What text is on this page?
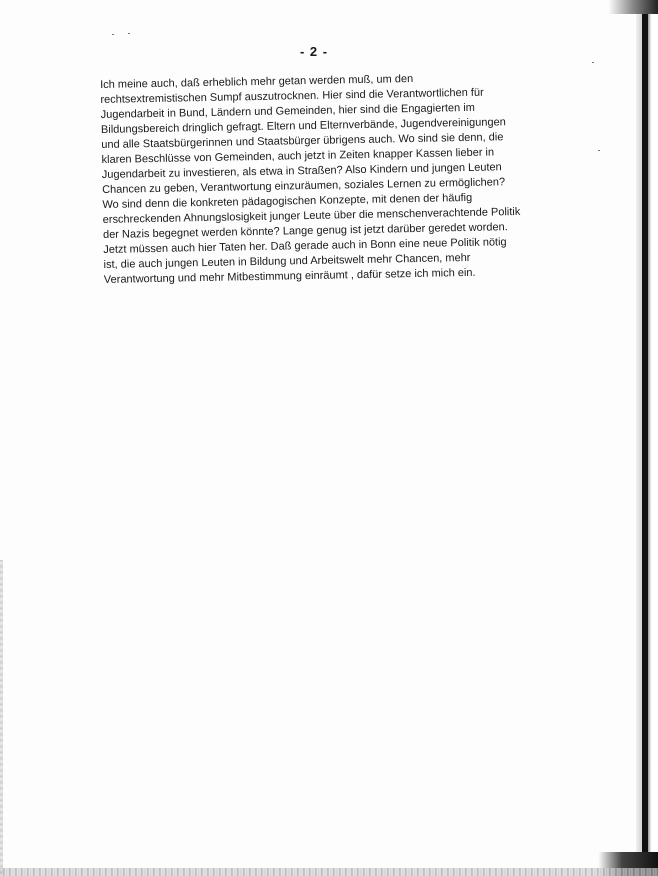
- 2 -
Ich meine auch, daß erheblich mehr getan werden muß, um den
rechtsextremistischen Sumpf auszutrocknen. Hier sind die Verantwortlichen für
Jugendarbeit in Bund, Ländern und Gemeinden, hier sind die Engagierten im
Bildungsbereich dringlich gefragt. Eltern und Elternverbände, Jugendvereinigungen
und alle Staatsbürgerinnen und Staatsbürger übrigens auch. Wo sind sie denn, die
klaren Beschlüsse von Gemeinden, auch jetzt in Zeiten knapper Kassen lieber in
Jugendarbeit zu investieren, als etwa in Straßen? Also Kindern und jungen Leuten
Chancen zu geben, Verantwortung einzuräumen, soziales Lernen zu ermöglichen?
Wo sind denn die konkreten pädagogischen Konzepte, mit denen der häufig
erschreckenden Ahnungslosigkeit junger Leute über die menschenverachtende Politik
der Nazis begegnet werden könnte? Lange genug ist jetzt darüber geredet worden.
Jetzt müssen auch hier Taten her. Daß gerade auch in Bonn eine neue Politik nötig
ist, die auch jungen Leuten in Bildung und Arbeitswelt mehr Chancen, mehr
Verantwortung und mehr Mitbestimmung einräumt , dafür setze ich mich ein.
